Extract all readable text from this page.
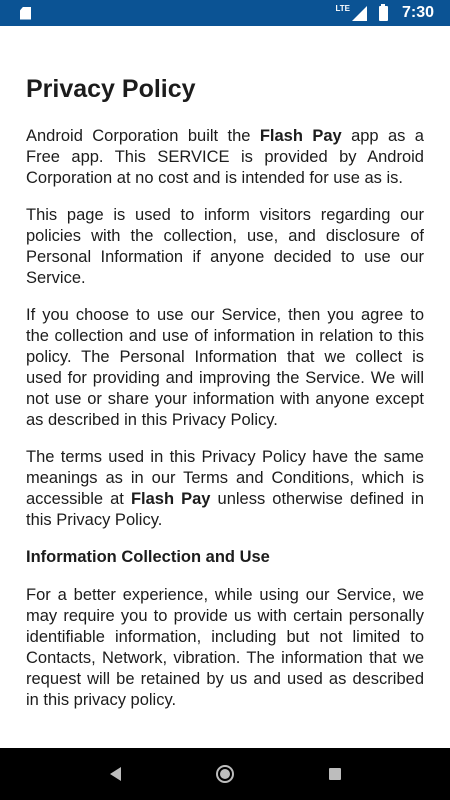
LTE	7:30
Privacy Policy

Android Corporation built the Flash Pay app as a Free app. This SERVICE is provided by Android Corporation at no cost and is intended for use as is.

This page is used to inform visitors regarding our policies with the collection, use, and disclosure of Personal Information if anyone decided to use our Service.

If you choose to use our Service, then you agree to the collection and use of information in relation to this policy. The Personal Information that we collect is used for providing and improving the Service. We will not use or share your information with anyone except as described in this Privacy Policy.

The terms used in this Privacy Policy have the same meanings as in our Terms and Conditions, which is accessible at Flash Pay unless otherwise defined in this Privacy Policy.

Information Collection and Use

For a better experience, while using our Service, we may require you to provide us with certain personally identifiable information, including but not limited to Contacts, Network, vibration. The information that we request will be retained by us and used as described in this privacy policy.
